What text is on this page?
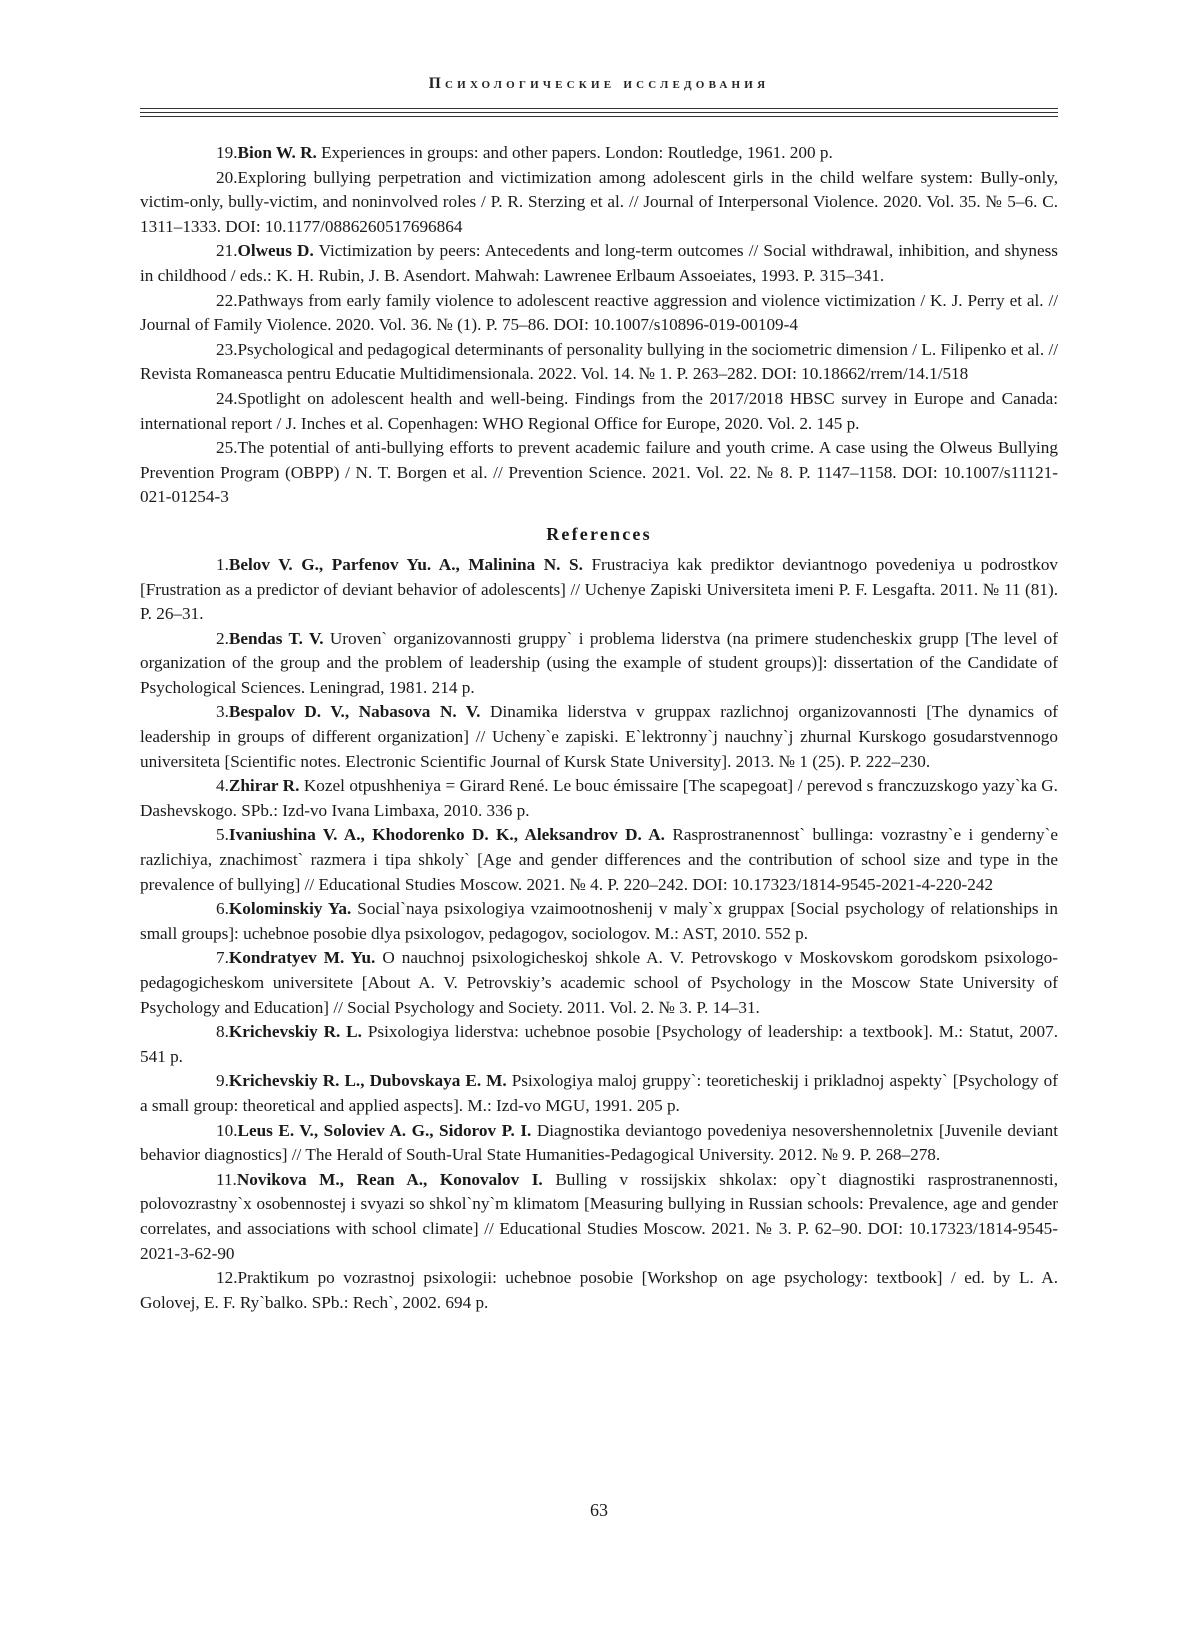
Психологические исследования

19.Bion W. R. Experiences in groups: and other papers. London: Routledge, 1961. 200 p.

20.Exploring bullying perpetration and victimization among adolescent girls in the child welfare system: Bully-only, victim-only, bully-victim, and noninvolved roles / P. R. Sterzing et al. // Journal of Interpersonal Violence. 2020. Vol. 35. № 5–6. C. 1311–1333. DOI: 10.1177/0886260517696864

21.Olweus D. Victimization by peers: Antecedents and long-term outcomes // Social withdrawal, inhibition, and shyness in childhood / eds.: K. H. Rubin, J. B. Asendort. Mahwah: Lawrenee Erlbaum Assoeiates, 1993. P. 315–341.

22.Pathways from early family violence to adolescent reactive aggression and violence victimization / K. J. Perry et al. // Journal of Family Violence. 2020. Vol. 36. № (1). P. 75–86. DOI: 10.1007/s10896-019-00109-4

23.Psychological and pedagogical determinants of personality bullying in the sociometric dimension / L. Filipenko et al. // Revista Romaneasca pentru Educatie Multidimensionala. 2022. Vol. 14. № 1. P. 263–282. DOI: 10.18662/rrem/14.1/518

24.Spotlight on adolescent health and well-being. Findings from the 2017/2018 HBSC survey in Europe and Canada: international report / J. Inches et al. Copenhagen: WHO Regional Office for Europe, 2020. Vol. 2. 145 p.

25.The potential of anti-bullying efforts to prevent academic failure and youth crime. A case using the Olweus Bullying Prevention Program (OBPP) / N. T. Borgen et al. // Prevention Science. 2021. Vol. 22. № 8. P. 1147–1158. DOI: 10.1007/s11121-021-01254-3

References

1.Belov V. G., Parfenov Yu. A., Malinina N. S. Frustraciya kak prediktor deviantnogo povedeniya u podrostkov [Frustration as a predictor of deviant behavior of adolescents] // Uchenye Zapiski Universiteta imeni P. F. Lesgafta. 2011. № 11 (81). P. 26–31.

2.Bendas T. V. Uroven` organizovannosti gruppy` i problema liderstva (na primere studencheskix grupp [The level of organization of the group and the problem of leadership (using the example of student groups)]: dissertation of the Candidate of Psychological Sciences. Leningrad, 1981. 214 p.

3.Bespalov D. V., Nabasova N. V. Dinamika liderstva v gruppax razlichnoj organizovannosti [The dynamics of leadership in groups of different organization] // Ucheny`e zapiski. E`lektronny`j nauchny`j zhurnal Kurskogo gosudarstvennogo universiteta [Scientific notes. Electronic Scientific Journal of Kursk State University]. 2013. № 1 (25). P. 222–230.

4.Zhirar R. Kozel otpushheniya = Girard René. Le bouc émissaire [The scapegoat] / perevod s franczuzskogo yazy`ka G. Dashevskogo. SPb.: Izd-vo Ivana Limbaxa, 2010. 336 p.

5.Ivaniushina V. A., Khodorenko D. K., Aleksandrov D. A. Rasprostranennost` bullinga: vozrastny`e i genderny`e razlichiya, znachimost` razmera i tipa shkoly` [Age and gender differences and the contribution of school size and type in the prevalence of bullying] // Educational Studies Moscow. 2021. № 4. P. 220–242. DOI: 10.17323/1814-9545-2021-4-220-242

6.Kolominskiy Ya. Social`naya psixologiya vzaimootnoshenij v maly`x gruppax [Social psychology of relationships in small groups]: uchebnoe posobie dlya psixologov, pedagogov, sociologov. M.: AST, 2010. 552 p.

7.Kondratyev M. Yu. O nauchnoj psixologicheskoj shkole A. V. Petrovskogo v Moskovskom gorodskom psixologo-pedagogicheskom universitete [About A. V. Petrovskiy’s academic school of Psychology in the Moscow State University of Psychology and Education] // Social Psychology and Society. 2011. Vol. 2. № 3. P. 14–31.

8.Krichevskiy R. L. Psixologiya liderstva: uchebnoe posobie [Psychology of leadership: a textbook]. M.: Statut, 2007. 541 p.

9.Krichevskiy R. L., Dubovskaya E. M. Psixologiya maloj gruppy`: teoreticheskij i prikladnoj aspekty` [Psychology of a small group: theoretical and applied aspects]. M.: Izd-vo MGU, 1991. 205 p.

10.Leus E. V., Soloviev A. G., Sidorov P. I. Diagnostika deviantogo povedeniya nesovershennoletnix [Juvenile deviant behavior diagnostics] // The Herald of South-Ural State Humanities-Pedagogical University. 2012. № 9. P. 268–278.

11.Novikova M., Rean A., Konovalov I. Bulling v rossijskix shkolax: opy`t diagnostiki rasprostranennosti, polovozrastny`x osobennostej i svyazi so shkol`ny`m klimatom [Measuring bullying in Russian schools: Prevalence, age and gender correlates, and associations with school climate] // Educational Studies Moscow. 2021. № 3. P. 62–90. DOI: 10.17323/1814-9545-2021-3-62-90

12.Praktikum po vozrastnoj psixologii: uchebnoe posobie [Workshop on age psychology: textbook] / ed. by L. A. Golovej, E. F. Ry`balko. SPb.: Rech`, 2002. 694 p.

63
